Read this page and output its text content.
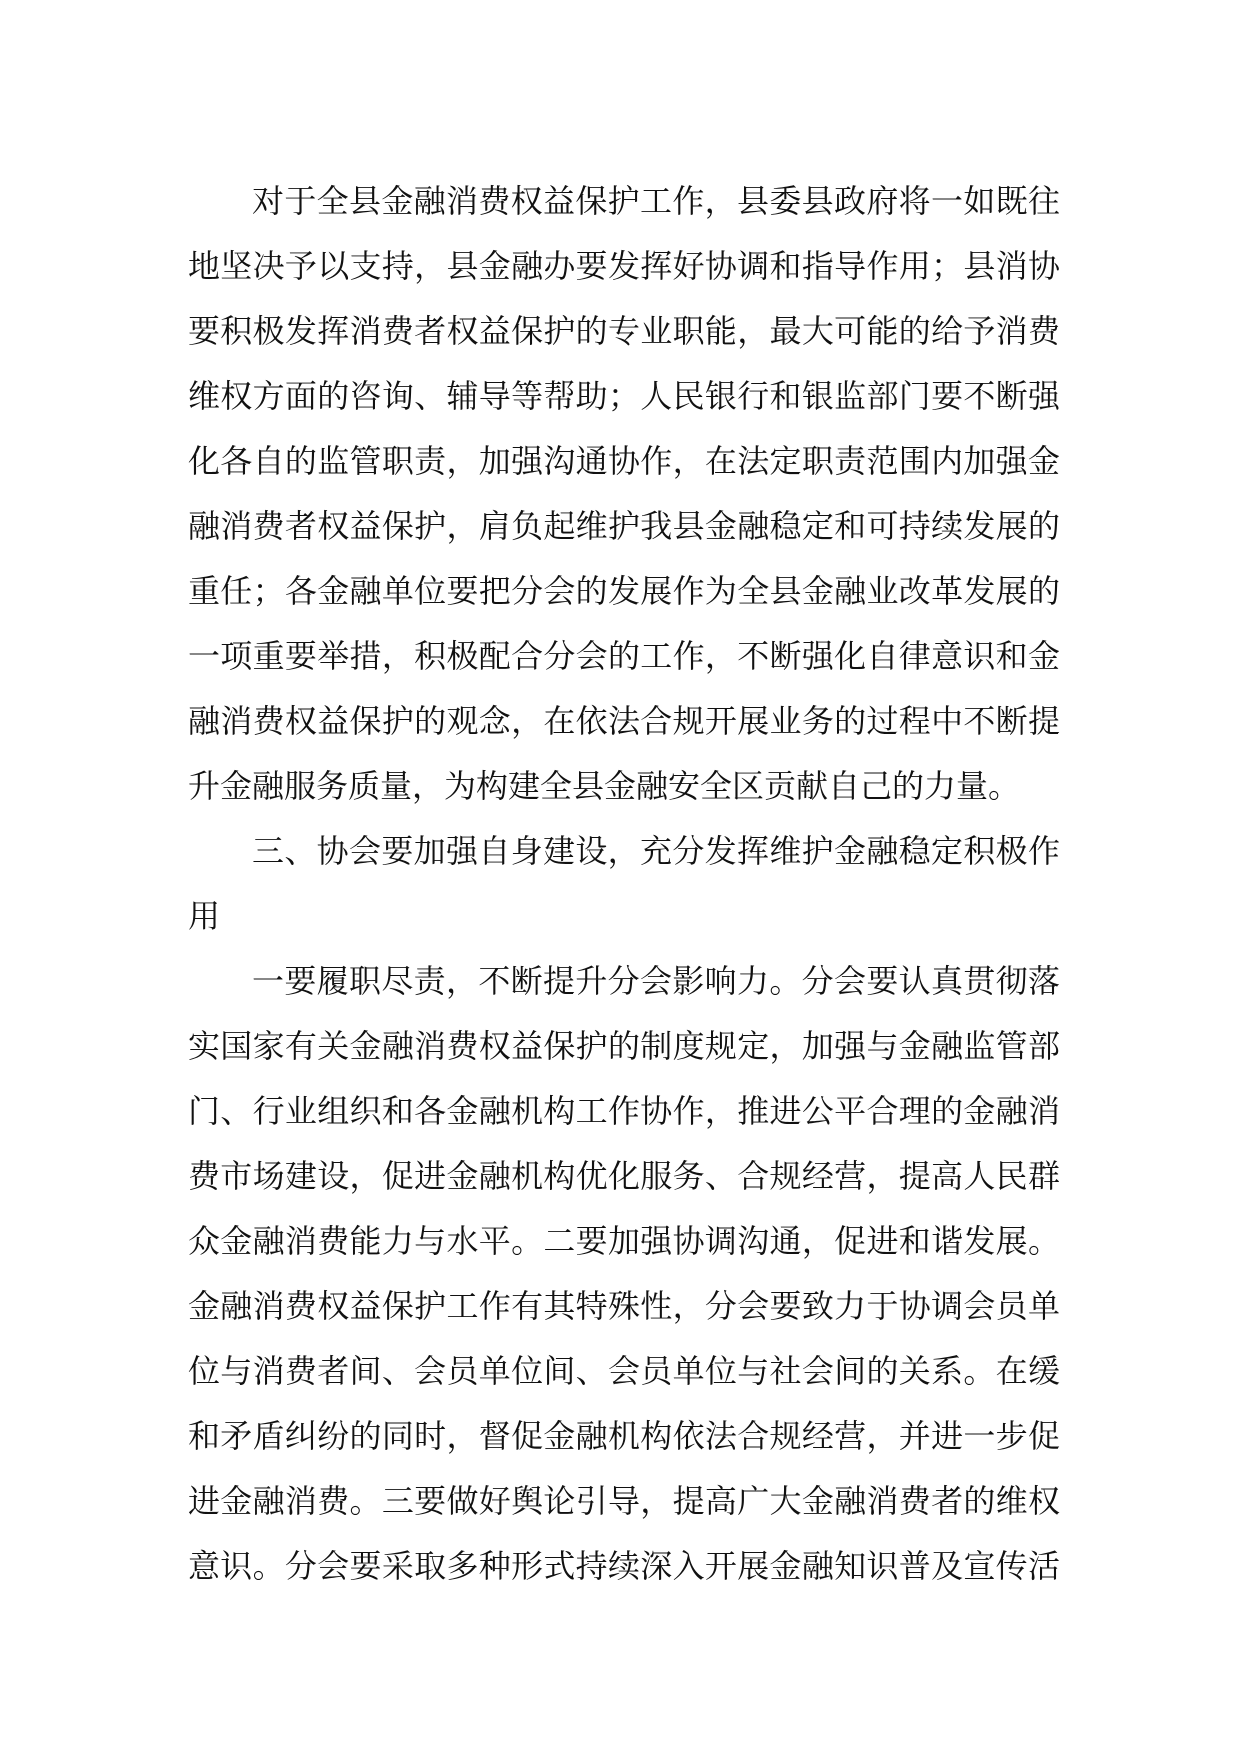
对于全县金融消费权益保护工作，县委县政府将一如既往
地坚决予以支持，县金融办要发挥好协调和指导作用；县消协
要积极发挥消费者权益保护的专业职能，最大可能的给予消费
维权方面的咨询、辅导等帮助；人民银行和银监部门要不断强
化各自的监管职责，加强沟通协作，在法定职责范围内加强金
融消费者权益保护，肩负起维护我县金融稳定和可持续发展的
重任；各金融单位要把分会的发展作为全县金融业改革发展的
一项重要举措，积极配合分会的工作，不断强化自律意识和金
融消费权益保护的观念，在依法合规开展业务的过程中不断提
升金融服务质量，为构建全县金融安全区贡献自己的力量。
三、协会要加强自身建设，充分发挥维护金融稳定积极作
用
一要履职尽责，不断提升分会影响力。分会要认真贯彻落
实国家有关金融消费权益保护的制度规定，加强与金融监管部
门、行业组织和各金融机构工作协作，推进公平合理的金融消
费市场建设，促进金融机构优化服务、合规经营，提高人民群
众金融消费能力与水平。二要加强协调沟通，促进和谐发展。
金融消费权益保护工作有其特殊性，分会要致力于协调会员单
位与消费者间、会员单位间、会员单位与社会间的关系。在缓
和矛盾纠纷的同时，督促金融机构依法合规经营，并进一步促
进金融消费。三要做好舆论引导，提高广大金融消费者的维权
意识。分会要采取多种形式持续深入开展金融知识普及宣传活
